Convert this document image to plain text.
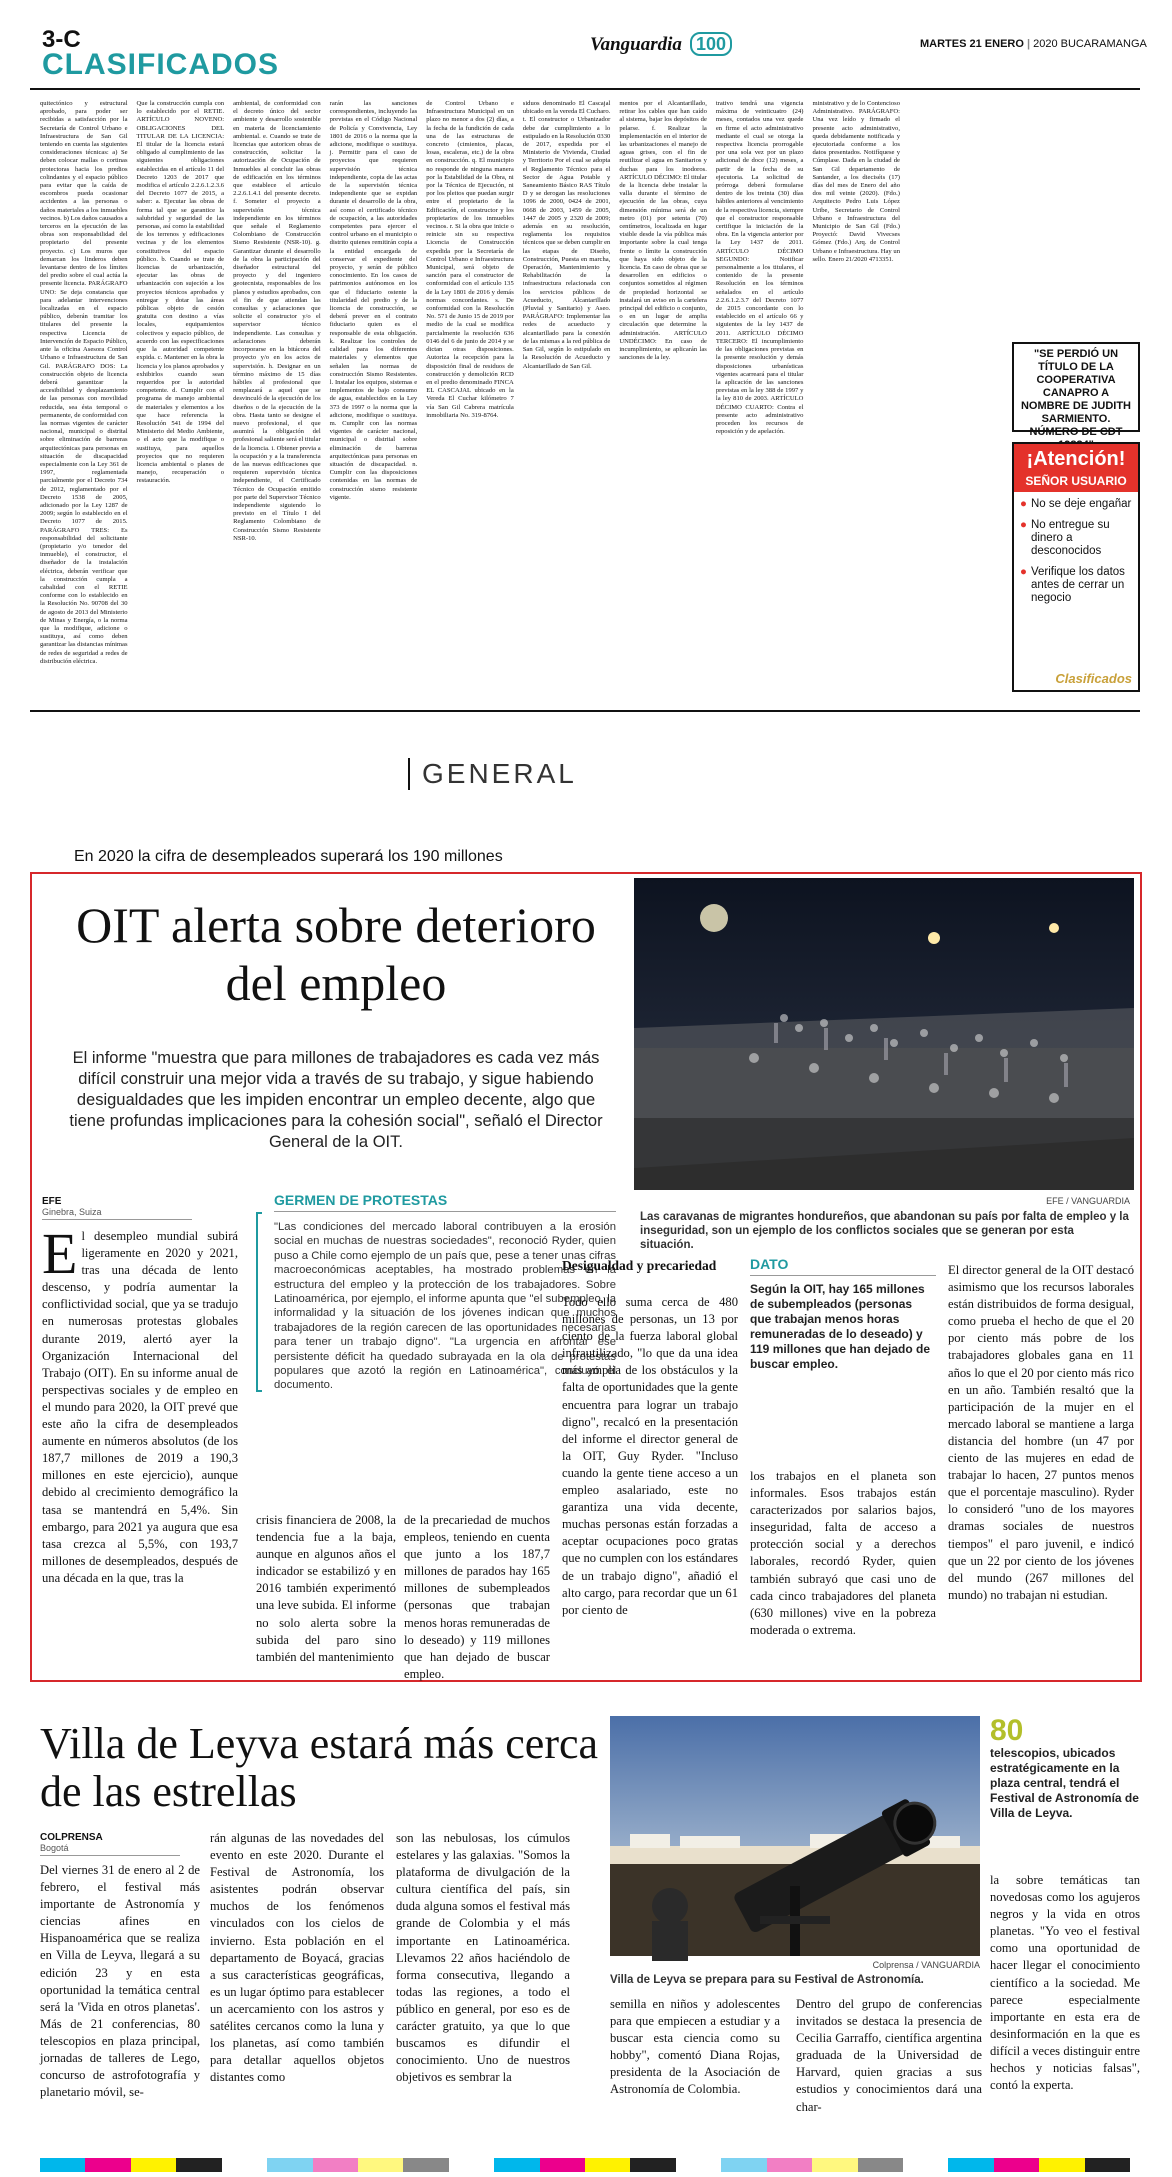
3-C
CLASIFICADOS
Vanguardia 100	MARTES 21 ENERO | 2020 BUCARAMANGA

quitectónico y estructural aprobado, para poder ser recibidas a satisfacción por la Secretaría de Control Urbano e Infraestructura de San Gil teniendo en cuenta las siguientes consideraciones técnicas: a) Se deben colocar mallas o cortinas protectoras hacia los predios colindantes y el espacio público para evitar que la caída de escombros pueda ocasionar accidentes a las personas o daños materiales a los inmuebles vecinos. b) Los daños causados a terceros en la ejecución de las obras son responsabilidad del propietario del presente proyecto. c) Los muros que demarcan los linderos deben levantarse dentro de los límites del predio sobre el cual actúa la presente licencia. PARÁGRAFO UNO: Se deja constancia que para adelantar intervenciones localizadas en el espacio público, deberán tramitar los titulares del presente la respectiva Licencia de Intervención de Espacio Público, ante la oficina Asesora Control Urbano e Infraestructura de San Gil. PARÁGRAFO DOS: La construcción objeto de licencia deberá garantizar la accesibilidad y desplazamiento de las personas con movilidad reducida, sea ésta temporal o permanente, de conformidad con las normas vigentes de carácter nacional, municipal o distrital sobre eliminación de barreras arquitectónicas para personas en situación de discapacidad especialmente con la Ley 361 de 1997, reglamentada parcialmente por el Decreto 734 de 2012, reglamentado por el Decreto 1538 de 2005, adicionado por la Ley 1287 de 2009; según lo establecido en el Decreto 1077 de 2015. PARÁGRAFO TRES: Es responsabilidad del solicitante (propietario y/o tenedor del inmueble), el constructor, el diseñador de la instalación eléctrica, deberán verificar que la construcción cumpla a cabalidad con el RETIE conforme con lo establecido en la Resolución No. 90708 del 30 de agosto de 2013 del Ministerio de Minas y Energía, o la norma que la modifique, adicione o sustituya, así como deben garantizar las distancias mínimas de redes de seguridad a redes de distribución eléctrica.

Que la construcción cumpla con lo establecido por el RETIE. ARTÍCULO NOVENO: OBLIGACIONES DEL TITULAR DE LA LICENCIA: El titular de la licencia estará obligado al cumplimiento de las siguientes obligaciones establecidas en el artículo 11 del Decreto 1203 de 2017 que modifica el artículo 2.2.6.1.2.3.6 del Decreto 1077 de 2015, a saber: a. Ejecutar las obras de forma tal que se garantice la salubridad y seguridad de las personas, así como la estabilidad de los terrenos y edificaciones vecinas y de los elementos constitutivos del espacio público. b. Cuando se trate de licencias de urbanización, ejecutar las obras de urbanización con sujeción a los proyectos técnicos aprobados y entregar y dotar las áreas públicas objeto de cesión gratuita con destino a vías locales, equipamientos colectivos y espacio público, de acuerdo con las especificaciones que la autoridad competente expida. c. Mantener en la obra la licencia y los planos aprobados y exhibirlos cuando sean requeridos por la autoridad competente. d. Cumplir con el programa de manejo ambiental de materiales y elementos a los que hace referencia la Resolución 541 de 1994 del Ministerio del Medio Ambiente, o el acto que la modifique o sustituya, para aquellos proyectos que no requieren licencia ambiental o planes de manejo, recuperación o restauración.

ambiental, de conformidad con el decreto único del sector ambiente y desarrollo sostenible en materia de licenciamiento ambiental. e. Cuando se trate de licencias que autoricen obras de construcción, solicitar la autorización de Ocupación de Inmuebles al concluir las obras de edificación en los términos que establece el artículo 2.2.6.1.4.1 del presente decreto. f. Someter el proyecto a supervisión técnica independiente en los términos que señale el Reglamento Colombiano de Construcción Sismo Resistente (NSR-10). g. Garantizar durante el desarrollo de la obra la participación del diseñador estructural del proyecto y del ingeniero geotecnista, responsables de los planos y estudios aprobados, con el fin de que atiendan las consultas y aclaraciones que solicite el constructor y/o el supervisor técnico independiente. Las consultas y aclaraciones deberán incorporarse en la bitácora del proyecto y/o en los actos de supervisión. h. Designar en un término máximo de 15 días hábiles al profesional que remplazará a aquel que se desvinculó de la ejecución de los diseños o de la ejecución de la obra. Hasta tanto se designe el nuevo profesional, el que asumirá la obligación del profesional saliente será el titular de la licencia. i. Obtener previa a la ocupación y a la transferencia de las nuevas edificaciones que requieren supervisión técnica independiente, el Certificado Técnico de Ocupación emitido por parte del Supervisor Técnico independiente siguiendo lo previsto en el Título I del Reglamento Colombiano de Construcción Sismo Resistente NSR-10.

rarán las sanciones correspondientes, incluyendo las previstas en el Código Nacional de Policía y Convivencia, Ley 1801 de 2016 o la norma que la adicione, modifique o sustituya. j. Permitir para el caso de proyectos que requieren supervisión técnica independiente, copia de las actas de la supervisión técnica independiente que se expidan durante el desarrollo de la obra, así como el certificado técnico de ocupación, a las autoridades competentes para ejercer el control urbano en el municipio o distrito quienes remitirán copia a la entidad encargada de conservar el expediente del proyecto, y serán de público conocimiento. En los casos de patrimonios autónomos en los que el fiduciario ostente la titularidad del predio y de la licencia de construcción, se deberá prever en el contrato fiduciario quien es el responsable de esta obligación. k. Realizar los controles de calidad para los diferentes materiales y elementos que señalen las normas de construcción Sismo Resistentes. l. Instalar los equipos, sistemas e implementos de bajo consumo de agua, establecidos en la Ley 373 de 1997 o la norma que la adicione, modifique o sustituya. m. Cumplir con las normas vigentes de carácter nacional, municipal o distrital sobre eliminación de barreras arquitectónicas para personas en situación de discapacidad. n. Cumplir con las disposiciones contenidas en las normas de construcción sismo resistente vigente.

de Control Urbano e Infraestructura Municipal en un plazo no menor a dos (2) días, a la fecha de la fundición de cada una de las estructuras de concreto (cimientos, placas, losas, escaleras, etc.) de la obra en construcción. q. El municipio no responde de ninguna manera por la Estabilidad de la Obra, ni por la Técnica de Ejecución, ni por los pleitos que puedan surgir entre el propietario de la Edificación, el constructor y los propietarios de los inmuebles vecinos. r. Si la obra que inicie o reinicie sin su respectiva Licencia de Construcción expedida por la Secretaría de Control Urbano e Infraestructura Municipal, será objeto de sanción para el constructor de conformidad con el artículo 135 de la Ley 1801 de 2016 y demás normas concordantes. s. De conformidad con la Resolución No. 571 de Junio 15 de 2019 por medio de la cual se modifica parcialmente la resolución 636 0146 del 6 de junio de 2014 y se dictan otras disposiciones. Autoriza la recepción para la disposición final de residuos de construcción y demolición RCD en el predio denominado FINCA EL CASCAJAL ubicado en la Vereda El Cuchar kilómetro 7 vía San Gil Cabrera matrícula inmobiliaria No. 319-8764.

siduos denominado El Cascajal ubicado en la vereda El Cucharo. t. El constructor o Urbanizador debe dar cumplimiento a lo estipulado en la Resolución 0330 de 2017, expedida por el Ministerio de Vivienda, Ciudad y Territorio Por el cual se adopta el Reglamento Técnico para el Sector de Agua Potable y Saneamiento Básico RAS Título D y se derogan las resoluciones 1096 de 2000, 0424 de 2001, 0668 de 2003, 1459 de 2005, 1447 de 2005 y 2320 de 2009; además en su resolución, reglamenta los requisitos técnicos que se deben cumplir en las etapas de Diseño, Construcción, Puesta en marcha, Operación, Mantenimiento y Rehabilitación de la infraestructura relacionada con los servicios públicos de Acueducto, Alcantarillado (Pluvial y Sanitario) y Aseo. PARÁGRAFO: Implementar las redes de acueducto y alcantarillado para la conexión de las mismas a la red pública de San Gil, según lo estipulado en la Resolución de Acueducto y Alcantarillado de San Gil.

mentos por el Alcantarillado, retirar los cables que han caído al sistema, bajar los depósitos de pelarse. f. Realizar la implementación en el interior de las urbanizaciones el manejo de aguas grises, con el fin de reutilizar el agua en Sanitarios y duchas para los inodoros. ARTÍCULO DÉCIMO: El titular de la licencia debe instalar la valla durante el término de ejecución de las obras, cuya dimensión mínima será de un metro (01) por setenta (70) centímetros, localizada en lugar visible desde la vía pública más importante sobre la cual tenga frente o límite la construcción que haya sido objeto de la licencia. En caso de obras que se desarrollen en edificios o conjuntos sometidos al régimen de propiedad horizontal se instalará un aviso en la cartelera principal del edificio o conjunto, o en un lugar de amplia circulación que determine la administración. ARTÍCULO UNDÉCIMO: En caso de incumplimiento, se aplicarán las sanciones de la ley.

trativo tendrá una vigencia máxima de veinticuatro (24) meses, contados una vez quede en firme el acto administrativo mediante el cual se otorga la respectiva licencia prorrogable por una sola vez por un plazo adicional de doce (12) meses, a partir de la fecha de su ejecutoria. La solicitud de prórroga deberá formularse dentro de los treinta (30) días hábiles anteriores al vencimiento de la respectiva licencia, siempre que el constructor responsable certifique la iniciación de la obra. En la vigencia anterior por la Ley 1437 de 2011. ARTÍCULO DÉCIMO SEGUNDO: Notificar personalmente a los titulares, el contenido de la presente Resolución en los términos señalados en el artículo 2.2.6.1.2.3.7 del Decreto 1077 de 2015 concordante con lo establecido en el artículo 66 y siguientes de la ley 1437 de 2011. ARTÍCULO DÉCIMO TERCERO: El incumplimiento de las obligaciones previstas en la presente resolución y demás disposiciones urbanísticas vigentes acarreará para el titular la aplicación de las sanciones previstas en la ley 388 de 1997 y la ley 810 de 2003. ARTÍCULO DÉCIMO CUARTO: Contra el presente acto administrativo proceden los recursos de reposición y de apelación.

ministrativo y de lo Contencioso Administrativo. PARÁGRAFO: Una vez leído y firmado el presente acto administrativo, queda debidamente notificada y ejecutoriada conforme a los datos presentados. Notifíquese y Cúmplase. Dada en la ciudad de San Gil departamento de Santander, a los dieciséis (17) días del mes de Enero del año dos mil veinte (2020). (Fdo.) Arquitecto Pedro Luis López Uribe, Secretario de Control Urbano e Infraestructura del Municipio de San Gil (Fdo.) Proyectó: David Vivecses Gómez (Fdo.) Arq. de Control Urbano e Infraestructura. Hay un sello. Enero 21/2020 4713351.

"SE PERDIÓ UN TÍTULO DE LA COOPERATIVA CANAPRO A NOMBRE DE JUDITH SARMIENTO. NÚMERO DE CDT
¡Atención!
SEÑOR USUARIO
● No se deje engañar
● No entregue su dinero a desconocidos
● Verifique los datos antes de cerrar un negocio
Clasificados
GENERAL
En 2020 la cifra de desempleados superará los 190 millones
OIT alerta sobre deterioro del empleo
El informe "muestra que para millones de trabajadores es cada vez más difícil construir una mejor vida a través de su trabajo, y sigue habiendo desigualdades que les impiden encontrar un empleo decente, algo que tiene profundas implicaciones para la cohesión social", señaló el Director General de la OIT.
EFE / VANGUARDIA
Las caravanas de migrantes hondureños, que abandonan su país por falta de empleo y la inseguridad, son un ejemplo de los conflictos sociales que se generan por esta situación.
EFE
Ginebra, Suiza
E l desempleo mundial subirá ligeramente en 2020 y 2021, tras una década de lento descenso, y podría aumentar la conflictividad social, que ya se tradujo en numerosas protestas globales durante 2019, alertó ayer la Organización Internacional del Trabajo (OIT). En su informe anual de perspectivas sociales y de empleo en el mundo para 2020, la OIT prevé que este año la cifra de desempleados aumente en números absolutos (de los 187,7 millones de 2019 a 190,3 millones en este ejercicio), aunque debido al crecimiento demográfico la tasa se mantendrá en 5,4%. Sin embargo, para 2021 ya augura que esa tasa crezca al 5,5%, con 193,7 millones de desempleados, después de una década en la que, tras la
GERMEN DE PROTESTAS
"Las condiciones del mercado laboral contribuyen a la erosión social en muchas de nuestras sociedades", reconoció Ryder, quien puso a Chile como ejemplo de un país que, pese a tener unas cifras macroeconómicas aceptables, ha mostrado problemas en la estructura del empleo y la protección de los trabajadores. Sobre Latinoamérica, por ejemplo, el informe apunta que "el subempleo, la informalidad y la situación de los jóvenes indican que muchos trabajadores de la región carecen de las oportunidades necesarias para tener un trabajo digno". "La urgencia en afrontar ese persistente déficit ha quedado subrayada en la ola de protestas populares que azotó la región en Latinoamérica", concluyó el documento.
crisis financiera de 2008, la tendencia fue a la baja, aunque en algunos años el indicador se estabilizó y en 2016 también experimentó una leve subida. El informe no solo alerta sobre la subida del paro sino también del mantenimiento
de la precariedad de muchos empleos, teniendo en cuenta que junto a los 187,7 millones de parados hay 165 millones de subempleados (personas que trabajan menos horas remuneradas de lo deseado) y 119 millones que han dejado de buscar empleo.
Desigualdad y precariedad
Todo ello suma cerca de 480 millones de personas, un 13 por ciento de la fuerza laboral global infrautilizado, "lo que da una idea más amplia de los obstáculos y la falta de oportunidades que la gente encuentra para lograr un trabajo digno", recalcó en la presentación del informe el director general de la OIT, Guy Ryder. "Incluso cuando la gente tiene acceso a un empleo asalariado, este no garantiza una vida decente, muchas personas están forzadas a aceptar ocupaciones poco gratas que no cumplen con los estándares de un trabajo digno", añadió el alto cargo, para recordar que un 61 por ciento de
DATO
Según la OIT, hay 165 millones de subempleados (personas que trabajan menos horas remuneradas de lo deseado) y 119 millones que han dejado de buscar empleo.
los trabajos en el planeta son informales. Esos trabajos están caracterizados por salarios bajos, inseguridad, falta de acceso a protección social y a derechos laborales, recordó Ryder, quien también subrayó que casi uno de cada cinco trabajadores del planeta (630 millones) vive en la pobreza moderada o extrema.
El director general de la OIT destacó asimismo que los recursos laborales están distribuidos de forma desigual, como prueba el hecho de que el 20 por ciento más pobre de los trabajadores globales gana en 11 años lo que el 20 por ciento más rico en un año. También resaltó que la participación de la mujer en el mercado laboral se mantiene a larga distancia del hombre (un 47 por ciento de las mujeres en edad de trabajar lo hacen, 27 puntos menos que el porcentaje masculino). Ryder lo consideró "uno de los mayores dramas sociales de nuestros tiempos" el paro juvenil, e indicó que un 22 por ciento de los jóvenes del mundo (267 millones del mundo) no trabajan ni estudian.
Villa de Leyva estará más cerca de las estrellas
COLPRENSA
Bogotá
Del viernes 31 de enero al 2 de febrero, el festival más importante de Astronomía y ciencias afines en Hispanoamérica que se realiza en Villa de Leyva, llegará a su edición 23 y en esta oportunidad la temática central será la 'Vida en otros planetas'. Más de 21 conferencias, 80 telescopios en plaza principal, jornadas de talleres de Lego, concurso de astrofotografía y planetario móvil, se-
rán algunas de las novedades del evento en este 2020. Durante el Festival de Astronomía, los asistentes podrán observar muchos de los fenómenos vinculados con los cielos de invierno. Esta población en el departamento de Boyacá, gracias a sus características geográficas, es un lugar óptimo para establecer un acercamiento con los astros y satélites cercanos como la luna y los planetas, así como también para detallar aquellos objetos distantes como
son las nebulosas, los cúmulos estelares y las galaxias. "Somos la plataforma de divulgación de la cultura científica del país, sin duda alguna somos el festival más grande de Colombia y el más importante en Latinoamérica. Llevamos 22 años haciéndolo de forma consecutiva, llegando a todas las regiones, a todo el público en general, por eso es de carácter gratuito, ya que lo que buscamos es difundir el conocimiento. Uno de nuestros objetivos es sembrar la
Colprensa / VANGUARDIA
Villa de Leyva se prepara para su Festival de Astronomía.
semilla en niños y adolescentes para que empiecen a estudiar y a buscar esta ciencia como su hobby", comentó Diana Rojas, presidenta de la Asociación de Astronomía de Colombia.
Dentro del grupo de conferencias invitados se destaca la presencia de Cecilia Garraffo, científica argentina graduada de la Universidad de Harvard, quien gracias a sus estudios y conocimientos dará una char-
80
telescopios, ubicados estratégicamente en la plaza central, tendrá el Festival de Astronomía de Villa de Leyva.
la sobre temáticas tan novedosas como los agujeros negros y la vida en otros planetas. "Yo veo el festival como una oportunidad de hacer llegar el conocimiento científico a la sociedad. Me parece especialmente importante en esta era de desinformación en la que es difícil a veces distinguir entre hechos y noticias falsas", contó la experta.
